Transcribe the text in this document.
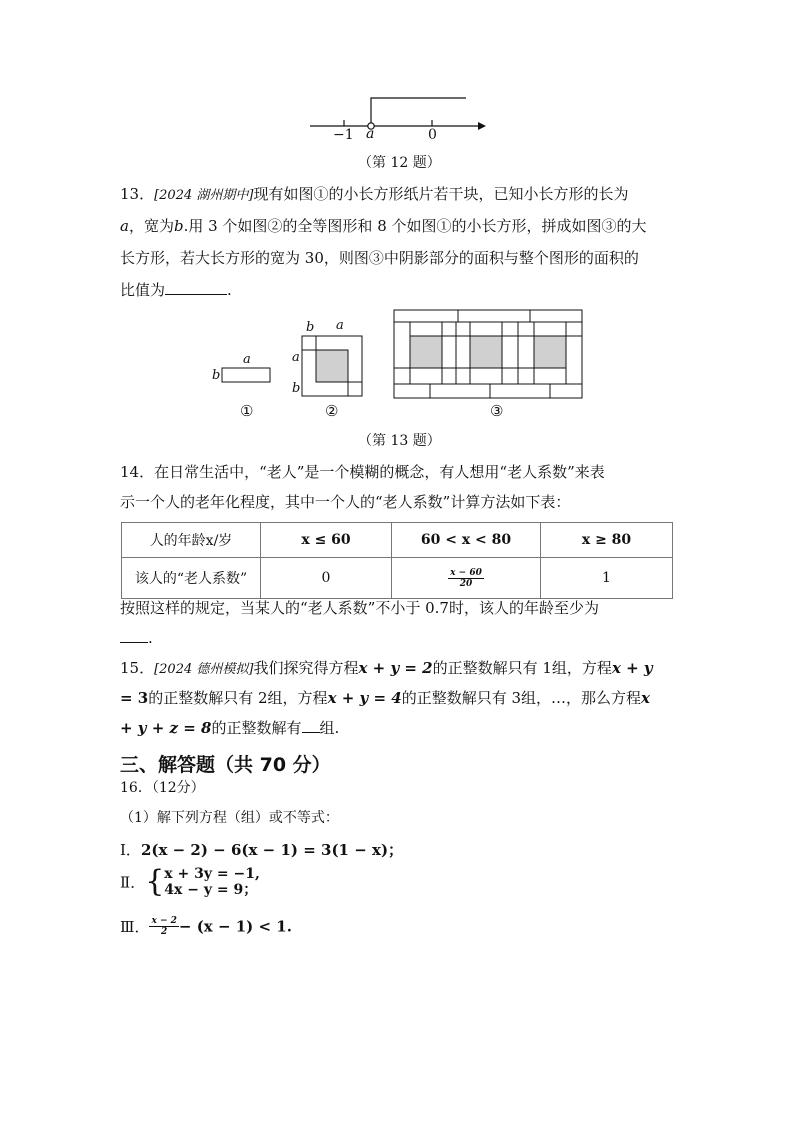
−1 a	0
（第 12 题）
13．[2024 湖州期中]现有如图①的小长方形纸片若干块，已知小长方形的长为
a，宽为b.用 3 个如图②的全等图形和 8 个如图①的小长方形，拼成如图③的大
长方形，若大长方形的宽为 30，则图③中阴影部分的面积与整个图形的面积的
比值为	.
a
b
b a
a
b
①	②	③
（第 13 题）
14．在日常生活中，“老人”是一个模糊的概念，有人想用“老人系数”来表
示一个人的老年化程度，其中一个人的“老人系数”计算方法如下表：
人的年龄x/岁	x ≤ 60	60 < x < 80	x ≥ 80
该人的“老人系数”	0	$\frac{x - 60}{20}$	1
按照这样的规定，当某人的“老人系数”不小于 0.7时，该人的年龄至少为
.
15．[2024 德州模拟]我们探究得方程x + y = 2的正整数解只有 1组，方程x + y
= 3的正整数解只有 2组，方程x + y = 4的正整数解只有 3组，…，那么方程x
+ y + z = 8的正整数解有 组.
三、解答题（共 70 分）
16．（12分）
（1）解下列方程（组）或不等式：
Ⅰ．2(x − 2) − 6(x − 1) = 3(1 − x)；
Ⅱ．{ x + 3y = −1,
4x − y = 9；
Ⅲ． $\frac{x - 2}{2} - (x - 1) < 1$.
